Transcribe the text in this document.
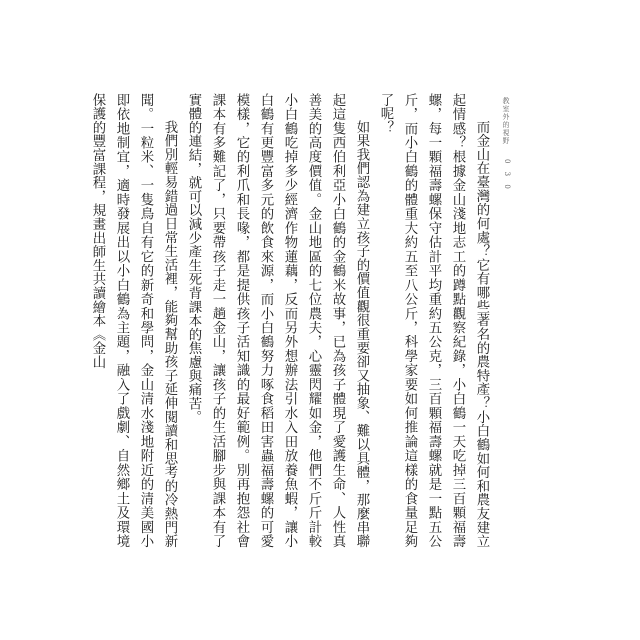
教室外的視野
0 3 0

而金山在臺灣的何處？它有哪些著名的農特產？小白鶴如何和農友建立起情感？根據金山淺地志工的蹲點觀察紀錄，小白鶴一天吃掉三百顆福壽螺，每一顆福壽螺保守估計平均重約五公克，三百顆福壽螺就是一點五公斤，而小白鶴的體重大約五至八公斤，科學家要如何推論這樣的食量足夠了呢？

如果我們認為建立孩子的價值觀很重要卻又抽象、難以具體，那麼串聯起這隻西伯利亞小白鶴的金鶴米故事，已為孩子體現了愛護生命、人性真善美的高度價值。金山地區的七位農夫，心靈閃耀如金，他們不斤斤計較小白鶴吃掉多少經濟作物蓮藕，反而另外想辦法引水入田放養魚蝦，讓小白鶴有更豐富多元的飲食來源，而小白鶴努力啄食稻田害蟲福壽螺的可愛模樣，它的利爪和長喙，都是提供孩子活知識的最好範例。別再抱怨社會課本有多難記了，只要帶孩子走一趟金山，讓孩子的生活腳步與課本有了實體的連結，就可以減少產生死背課本的焦慮與痛苦。

我們別輕易錯過日常生活裡，能夠幫助孩子延伸閱讀和思考的冷熱門新聞。一粒米、一隻鳥自有它的新奇和學問，金山清水淺地附近的清美國小即依地制宜，適時發展出以小白鶴為主題，融入了戲劇、自然鄉土及環境保護的豐富課程，規畫出師生共讀繪本《金山
